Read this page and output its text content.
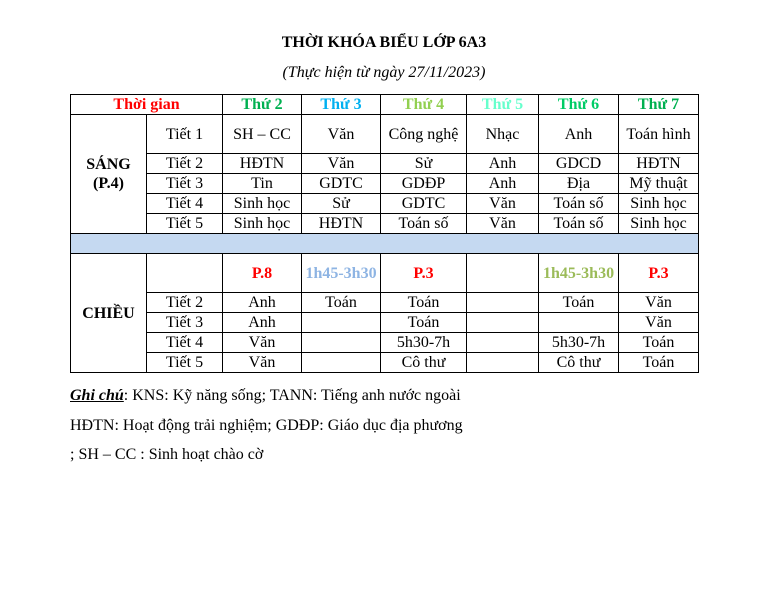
THỜI KHÓA BIỂU LỚP 6A3
(Thực hiện từ ngày 27/11/2023)
Thời gian		Thứ 2	Thứ 3	Thứ 4	Thứ 5	Thứ 6	Thứ 7
SÁNG
(P.4)	Tiết 1	SH – CC	Văn	Công nghệ	Nhạc	Anh	Toán hình
	Tiết 2	HĐTN	Văn	Sử	Anh	GDCD	HĐTN
	Tiết 3	Tin	GDTC	GDĐP	Anh	Địa	Mỹ thuật
	Tiết 4	Sinh học	Sử	GDTC	Văn	Toán số	Sinh học
	Tiết 5	Sinh học	HĐTN	Toán số	Văn	Toán số	Sinh học

CHIỀU		P.8	1h45-3h30	P.3		1h45-3h30	P.3
	Tiết 2	Anh	Toán	Toán		Toán	Văn
	Tiết 3	Anh		Toán			Văn
	Tiết 4	Văn		5h30-7h		5h30-7h	Toán
	Tiết 5	Văn		Cô thư		Cô thư	Toán
Ghi chú: KNS: Kỹ năng sống; TANN: Tiếng anh nước ngoài
HĐTN: Hoạt động trải nghiệm; GDĐP: Giáo dục địa phương
; SH – CC : Sinh hoạt chào cờ
